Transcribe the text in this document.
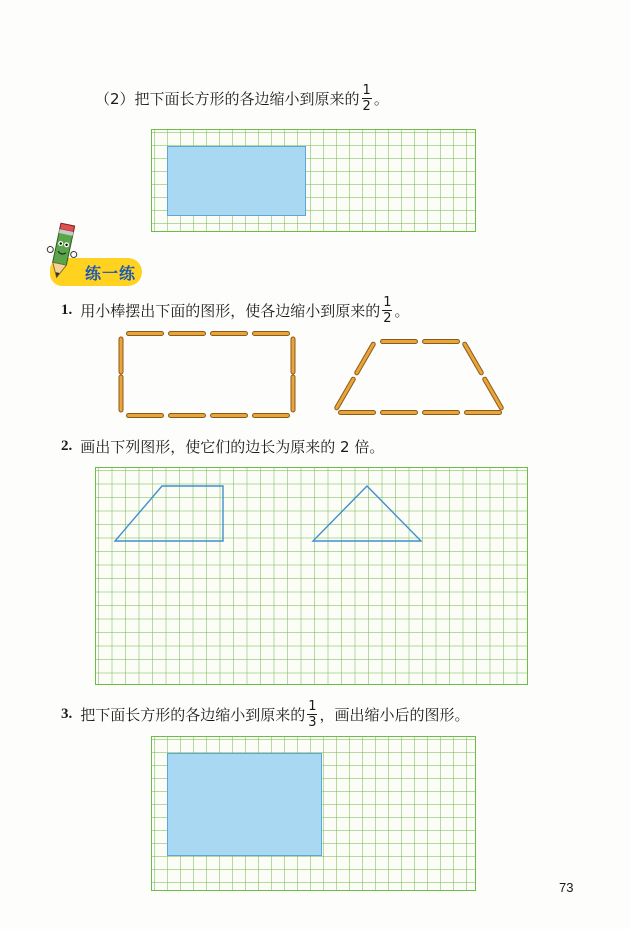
（2）把下面长方形的各边缩小到原来的 $\frac{1}{2}$ 。
练一练
1. 用小棒摆出下面的图形，使各边缩小到原来的 $\frac{1}{2}$ 。
2. 画出下列图形，使它们的边长为原来的 2 倍。
3. 把下面长方形的各边缩小到原来的 $\frac{1}{3}$ ，画出缩小后的图形。
73
